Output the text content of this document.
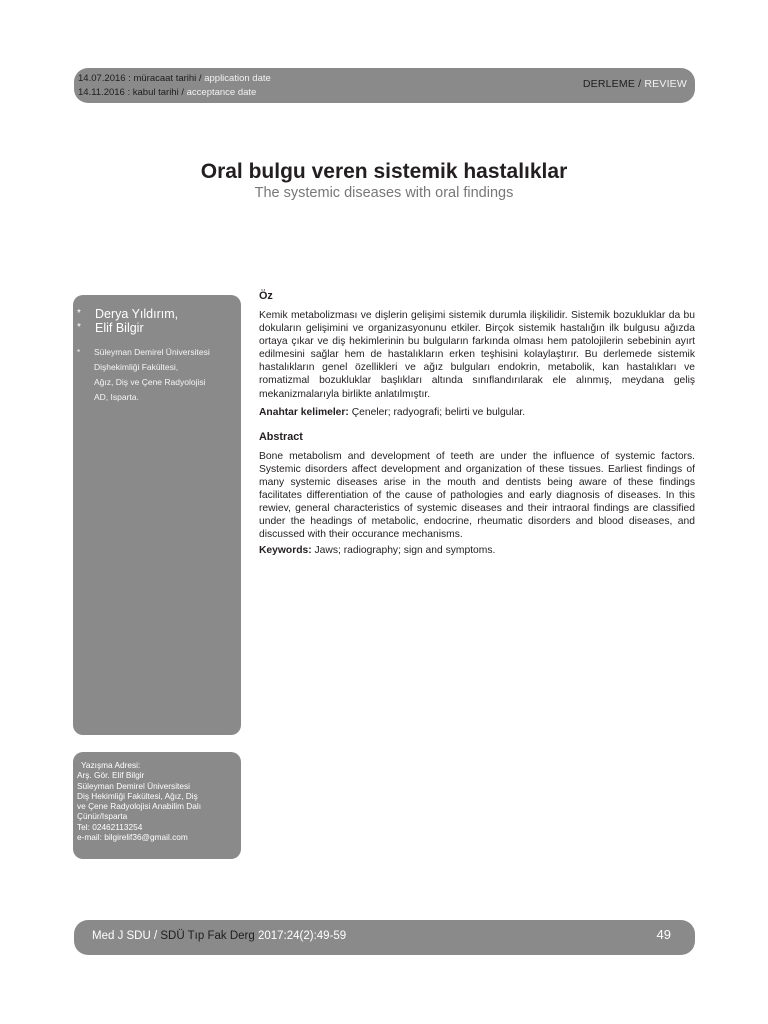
14.07.2016 : müracaat tarihi / application date
14.11.2016 : kabul tarihi / acceptance date
DERLEME / REVIEW
Oral bulgu veren sistemik hastalıklar
The systemic diseases with oral findings
* Derya Yıldırım,
* Elif Bilgir
* Süleyman Demirel Üniversitesi
Dişhekimliği Fakültesi,
Ağız, Diş ve Çene Radyolojisi
AD, Isparta.
Yazışma Adresi:
Arş. Gör. Elif Bilgir
Süleyman Demirel Üniversitesi
Diş Hekimliği Fakültesi, Ağız, Diş
ve Çene Radyolojisi Anabilim Dalı
Çünür/Isparta
Tel: 02462113254
e-mail: bilgirelif36@gmail.com

Öz

Kemik metabolizması ve dişlerin gelişimi sistemik durumla ilişkilidir. Sistemik bozukluklar da bu dokuların gelişimini ve organizasyonunu etkiler. Birçok sistemik hastalığın ilk bulgusu ağızda ortaya çıkar ve diş hekimlerinin bu bulguların farkında olması hem patolojilerin sebebinin ayırt edilmesini sağlar hem de hastalıkların erken teşhisini kolaylaştırır. Bu derlemede sistemik hastalıkların genel özellikleri ve ağız bulguları endokrin, metabolik, kan hastalıkları ve romatizmal bozukluklar başlıkları altında sınıflandırılarak ele alınmış, meydana geliş mekanizmalarıyla birlikte anlatılmıştır.

Anahtar kelimeler: Çeneler; radyografi; belirti ve bulgular.

Abstract

Bone metabolism and development of teeth are under the influence of systemic factors. Systemic disorders affect development and organization of these tissues. Earliest findings of many systemic diseases arise in the mouth and dentists being aware of these findings facilitates differentiation of the cause of pathologies and early diagnosis of diseases. In this rewiev, general characteristics of systemic diseases and their intraoral findings are classified under the headings of metabolic, endocrine, rheumatic disorders and blood diseases, and discussed with their occurance mechanisms.

Keywords: Jaws; radiography; sign and symptoms.

Med J SDU / SDÜ Tıp Fak Derg 2017:24(2):49-59	49
